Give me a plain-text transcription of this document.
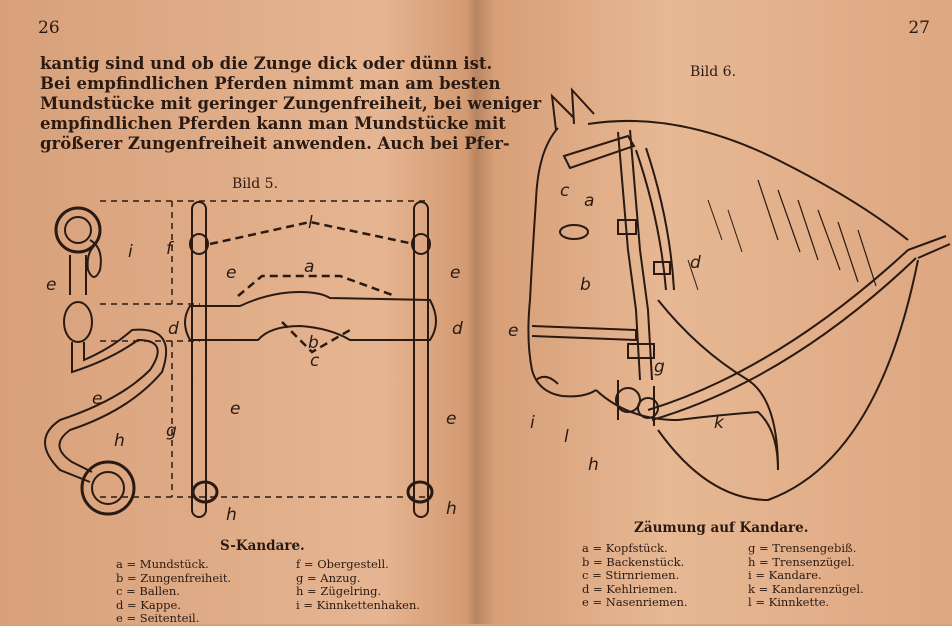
26
kantig sind und ob die Zunge dick oder dünn ist.
Bei empfindlichen Pferden nimmt man am besten
Mundstücke mit geringer Zungenfreiheit, bei weniger
empfindlichen Pferden kann man Mundstücke mit
größerer Zungenfreiheit anwenden. Auch bei Pfer-
Bild 5.
i
e
f
l
a
e	e
d
b
d
c
e
g
e	e
h
h	h
S-Kandare.
a = Mundstück.
b = Zungenfreiheit.
c = Ballen.
d = Kappe.
e = Seitenteil.
f = Obergestell.
g = Anzug.
h = Zügelring.
i = Kinnkettenhaken.
27
Bild 6.
c a
d
b
e
g
i
l
k
h
Zäumung auf Kandare.
a = Kopfstück.
b = Backenstück.
c = Stirnriemen.
d = Kehlriemen.
e = Nasenriemen.
g = Trensengebiß.
h = Trensenzügel.
i = Kandare.
k = Kandarenzügel.
l = Kinnkette.
